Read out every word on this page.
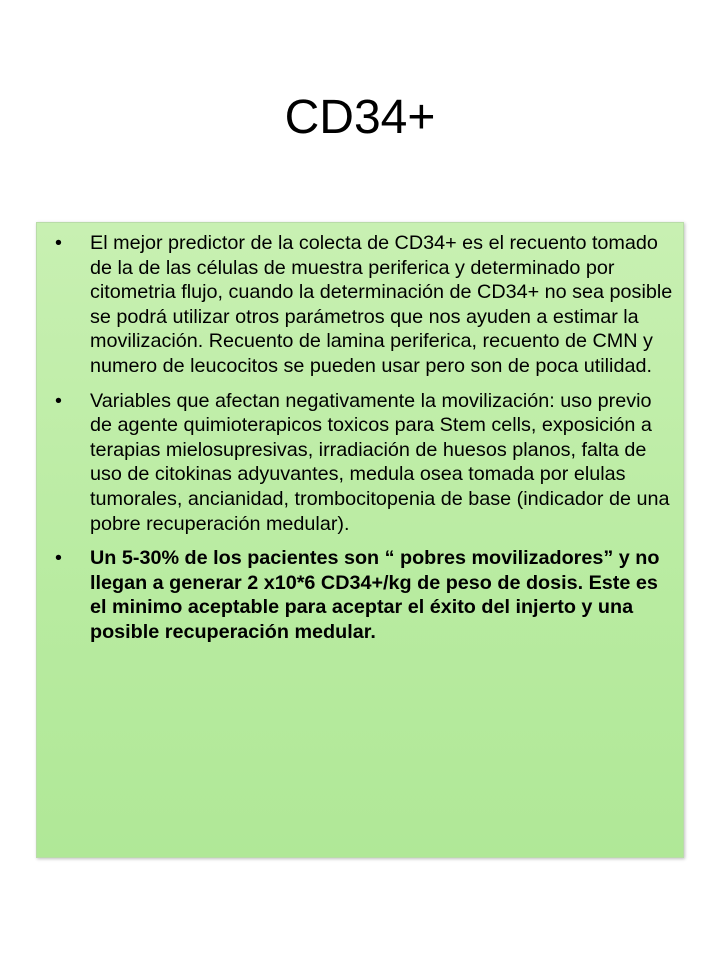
CD34+
• El mejor predictor de la colecta de CD34+ es el recuento tomado de la de las células de muestra periferica y determinado por citometria flujo, cuando la determinación de CD34+ no sea posible se podrá utilizar otros parámetros que nos ayuden a estimar la movilización. Recuento de lamina periferica, recuento de CMN y numero de leucocitos se pueden usar pero son de poca utilidad.
• Variables que afectan negativamente la movilización: uso previo de agente quimioterapicos toxicos para Stem cells, exposición a terapias mielosupresivas, irradiación de huesos planos, falta de uso de citokinas adyuvantes, medula osea tomada por elulas tumorales, ancianidad, trombocitopenia de base (indicador de una pobre recuperación medular).
• Un 5-30% de los pacientes son “ pobres movilizadores” y no llegan a generar 2 x10*6 CD34+/kg de peso de dosis. Este es el minimo aceptable para aceptar el éxito del injerto y una posible recuperación medular.
